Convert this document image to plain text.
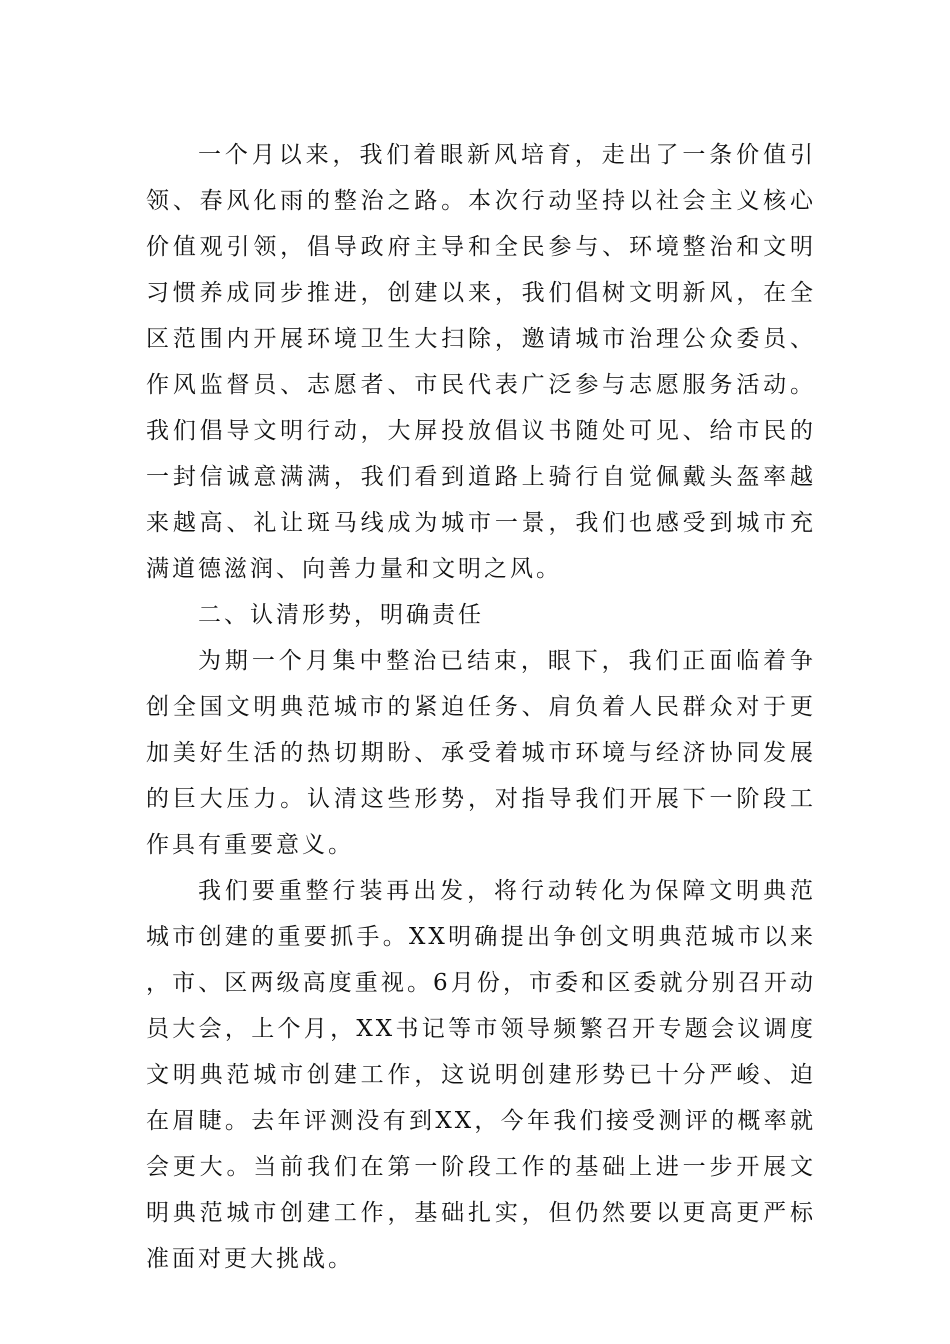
一个月以来，我们着眼新风培育，走出了一条价值引领、春风化雨的整治之路。本次行动坚持以社会主义核心价值观引领，倡导政府主导和全民参与、环境整治和文明习惯养成同步推进，创建以来，我们倡树文明新风，在全区范围内开展环境卫生大扫除，邀请城市治理公众委员、作风监督员、志愿者、市民代表广泛参与志愿服务活动。我们倡导文明行动，大屏投放倡议书随处可见、给市民的一封信诚意满满，我们看到道路上骑行自觉佩戴头盔率越来越高、礼让斑马线成为城市一景，我们也感受到城市充满道德滋润、向善力量和文明之风。

二、认清形势，明确责任

为期一个月集中整治已结束，眼下，我们正面临着争创全国文明典范城市的紧迫任务、肩负着人民群众对于更加美好生活的热切期盼、承受着城市环境与经济协同发展的巨大压力。认清这些形势，对指导我们开展下一阶段工作具有重要意义。

我们要重整行装再出发，将行动转化为保障文明典范城市创建的重要抓手。XX明确提出争创文明典范城市以来，市、区两级高度重视。6月份，市委和区委就分别召开动员大会，上个月，XX书记等市领导频繁召开专题会议调度文明典范城市创建工作，这说明创建形势已十分严峻、迫在眉睫。去年评测没有到XX，今年我们接受测评的概率就会更大。当前我们在第一阶段工作的基础上进一步开展文明典范城市创建工作，基础扎实，但仍然要以更高更严标准面对更大挑战。
